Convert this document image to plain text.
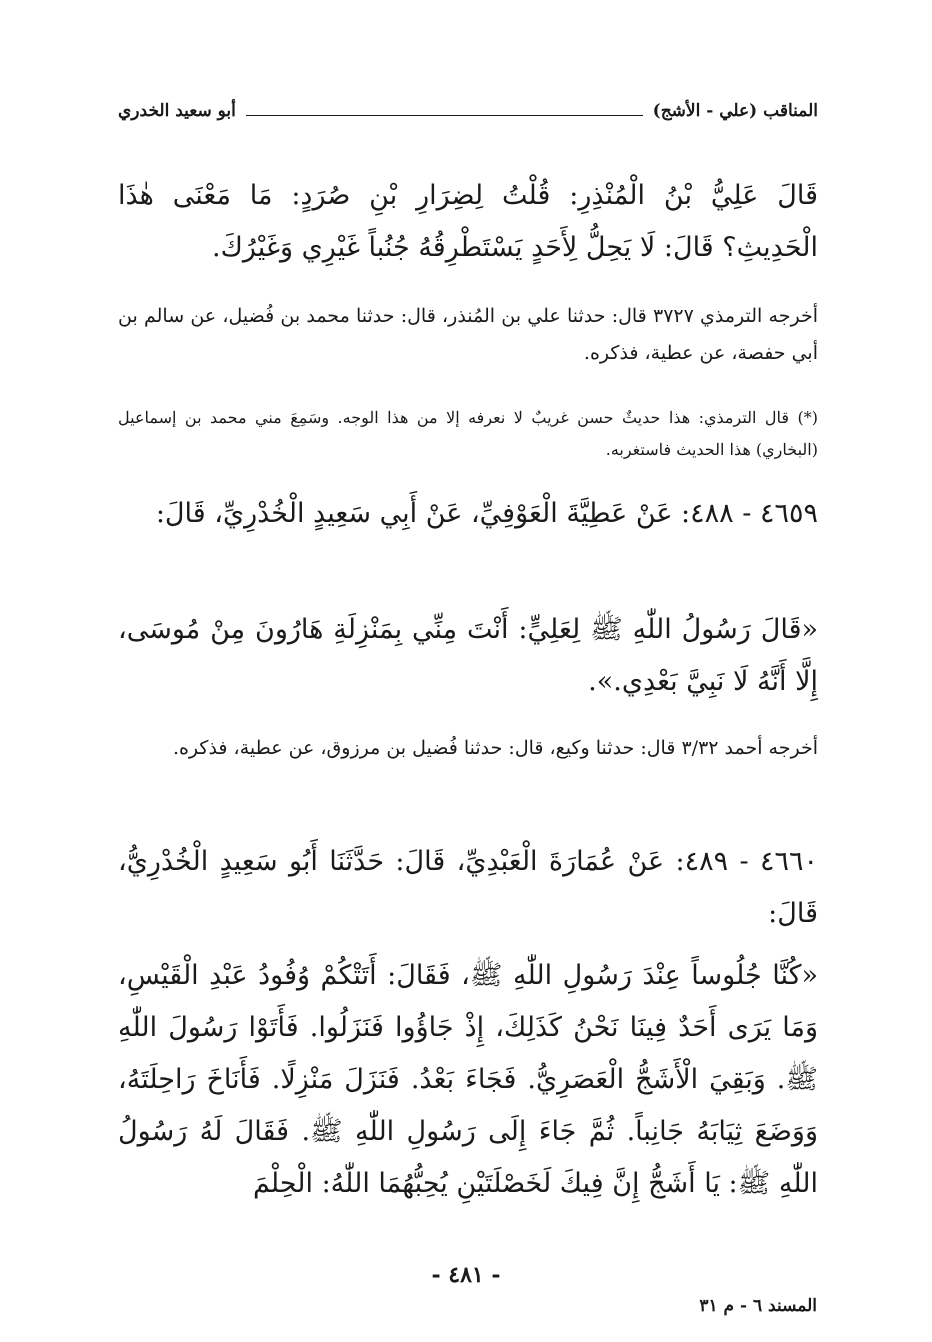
المناقب (علي - الأشج)
أبو سعيد الخدري
قَالَ عَلِيُّ بْنُ الْمُنْذِرِ: قُلْتُ لِضِرَارِ بْنِ صُرَدٍ: مَا مَعْنَى هٰذَا الْحَدِيثِ؟ قَالَ: لَا يَحِلُّ لِأَحَدٍ يَسْتَطْرِقُهُ جُنُباً غَيْرِي وَغَيْرُكَ.
أخرجه الترمذي ٣٧٢٧ قال: حدثنا علي بن المُنذر، قال: حدثنا محمد بن فُضيل، عن سالم بن أبي حفصة، عن عطية، فذكره.
(*) قال الترمذي: هذا حديثٌ حسن غريبٌ لا نعرفه إلا من هذا الوجه. وسَمِعَ مني محمد بن إسماعيل (البخاري) هذا الحديث فاستغربه.
٤٦٥٩ - ٤٨٨: عَنْ عَطِيَّةَ الْعَوْفِيِّ، عَنْ أَبِي سَعِيدٍ الْخُدْرِيِّ، قَالَ:
«قَالَ رَسُولُ اللّٰهِ ﷺ لِعَلِيٍّ: أَنْتَ مِنِّي بِمَنْزِلَةِ هَارُونَ مِنْ مُوسَى، إِلَّا أَنَّهُ لَا نَبِيَّ بَعْدِي.».
أخرجه أحمد ٣/٣٢ قال: حدثنا وكيع، قال: حدثنا فُضيل بن مرزوق، عن عطية، فذكره.
٤٦٦٠ - ٤٨٩: عَنْ عُمَارَةَ الْعَبْدِيِّ، قَالَ: حَدَّثَنَا أَبُو سَعِيدٍ الْخُدْرِيُّ، قَالَ:
«كُنَّا جُلُوساً عِنْدَ رَسُولِ اللّٰهِ ﷺ، فَقَالَ: أَتَتْكُمْ وُفُودُ عَبْدِ الْقَيْسِ، وَمَا يَرَى أَحَدٌ فِينَا نَحْنُ كَذَلِكَ، إِذْ جَاؤُوا فَنَزَلُوا. فَأَتَوْا رَسُولَ اللّٰهِ ﷺ. وَبَقِيَ الْأَشَجُّ الْعَصَرِيُّ. فَجَاءَ بَعْدُ. فَنَزَلَ مَنْزِلًا. فَأَنَاخَ رَاحِلَتَهُ، وَوَضَعَ ثِيَابَهُ جَانِباً. ثُمَّ جَاءَ إِلَى رَسُولِ اللّٰهِ ﷺ. فَقَالَ لَهُ رَسُولُ اللّٰهِ ﷺ: يَا أَشَجُّ إِنَّ فِيكَ لَخَصْلَتَيْنِ يُحِبُّهُمَا اللّٰهُ: الْحِلْمَ
- ٤٨١ -
المسند ٦ - م ٣١
